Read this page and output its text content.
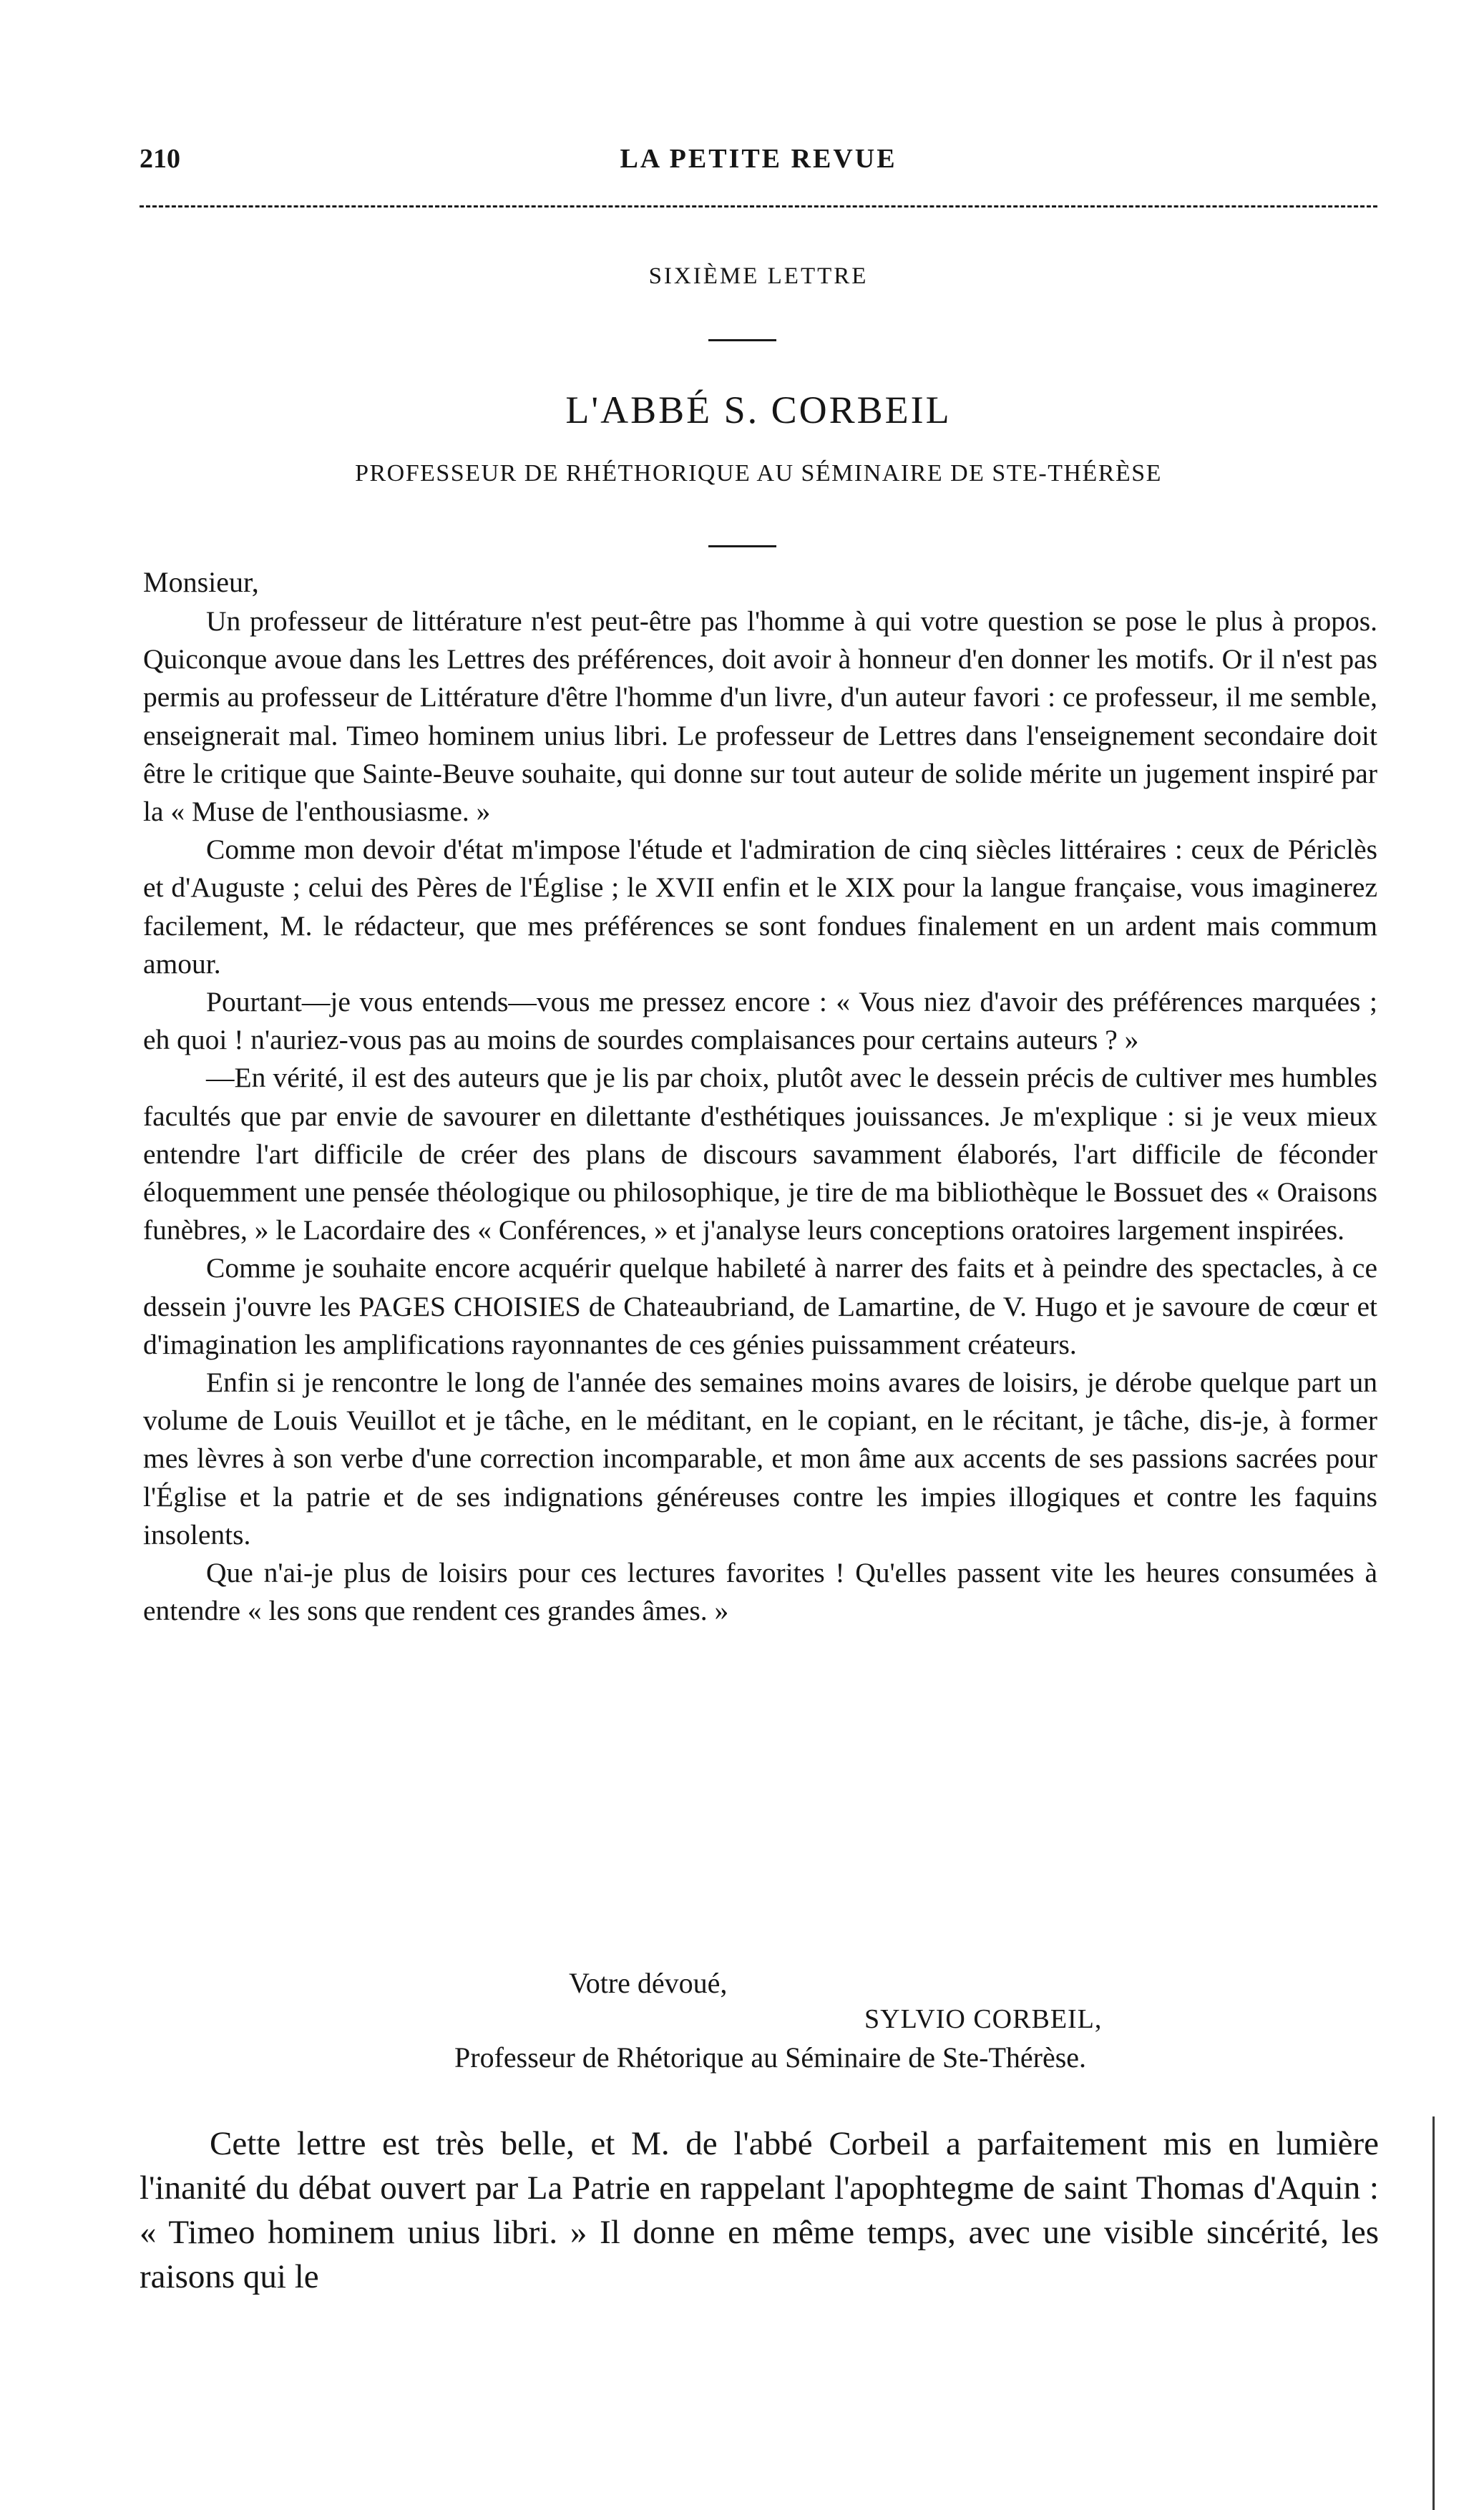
210	LA PETITE REVUE
SIXIÈME LETTRE
L'ABBÉ S. CORBEIL
PROFESSEUR DE RHÉTHORIQUE AU SÉMINAIRE DE STE-THÉRÈSE
Monsieur,

Un professeur de littérature n'est peut-être pas l'homme à qui votre question se pose le plus à propos. Quiconque avoue dans les Lettres des préférences, doit avoir à honneur d'en donner les motifs. Or il n'est pas permis au professeur de Littérature d'être l'homme d'un livre, d'un auteur favori : ce professeur, il me semble, enseignerait mal. Timeo hominem unius libri. Le professeur de Lettres dans l'enseignement secondaire doit être le critique que Sainte-Beuve souhaite, qui donne sur tout auteur de solide mérite un jugement inspiré par la « Muse de l'enthousiasme. »

Comme mon devoir d'état m'impose l'étude et l'admiration de cinq siècles littéraires : ceux de Périclès et d'Auguste ; celui des Pères de l'Église ; le XVII enfin et le XIX pour la langue française, vous imaginerez facilement, M. le rédacteur, que mes préférences se sont fondues finalement en un ardent mais commum amour.

Pourtant—je vous entends—vous me pressez encore : « Vous niez d'avoir des préférences marquées ; eh quoi ! n'auriez-vous pas au moins de sourdes complaisances pour certains auteurs ? »

—En vérité, il est des auteurs que je lis par choix, plutôt avec le dessein précis de cultiver mes humbles facultés que par envie de savourer en dilettante d'esthétiques jouissances. Je m'explique : si je veux mieux entendre l'art difficile de créer des plans de discours savamment élaborés, l'art difficile de féconder éloquemment une pensée théologique ou philosophique, je tire de ma bibliothèque le Bossuet des « Oraisons funèbres, » le Lacordaire des « Conférences, » et j'analyse leurs conceptions oratoires largement inspirées.

Comme je souhaite encore acquérir quelque habileté à narrer des faits et à peindre des spectacles, à ce dessein j'ouvre les PAGES CHOISIES de Chateaubriand, de Lamartine, de V. Hugo et je savoure de cœur et d'imagination les amplifications rayonnantes de ces génies puissamment créateurs.

Enfin si je rencontre le long de l'année des semaines moins avares de loisirs, je dérobe quelque part un volume de Louis Veuillot et je tâche, en le méditant, en le copiant, en le récitant, je tâche, dis-je, à former mes lèvres à son verbe d'une correction incomparable, et mon âme aux accents de ses passions sacrées pour l'Église et la patrie et de ses indignations généreuses contre les impies illogiques et contre les faquins insolents.

Que n'ai-je plus de loisirs pour ces lectures favorites ! Qu'elles passent vite les heures consumées à entendre « les sons que rendent ces grandes âmes. »

Votre dévoué,
SYLVIO CORBEIL,
Professeur de Rhétorique au Séminaire de Ste-Thérèse.

Cette lettre est très belle, et M. de l'abbé Corbeil a parfaitement mis en lumière l'inanité du débat ouvert par La Patrie en rappelant l'apophtegme de saint Thomas d'Aquin : « Timeo hominem unius libri. » Il donne en même temps, avec une visible sincérité, les raisons qui le
